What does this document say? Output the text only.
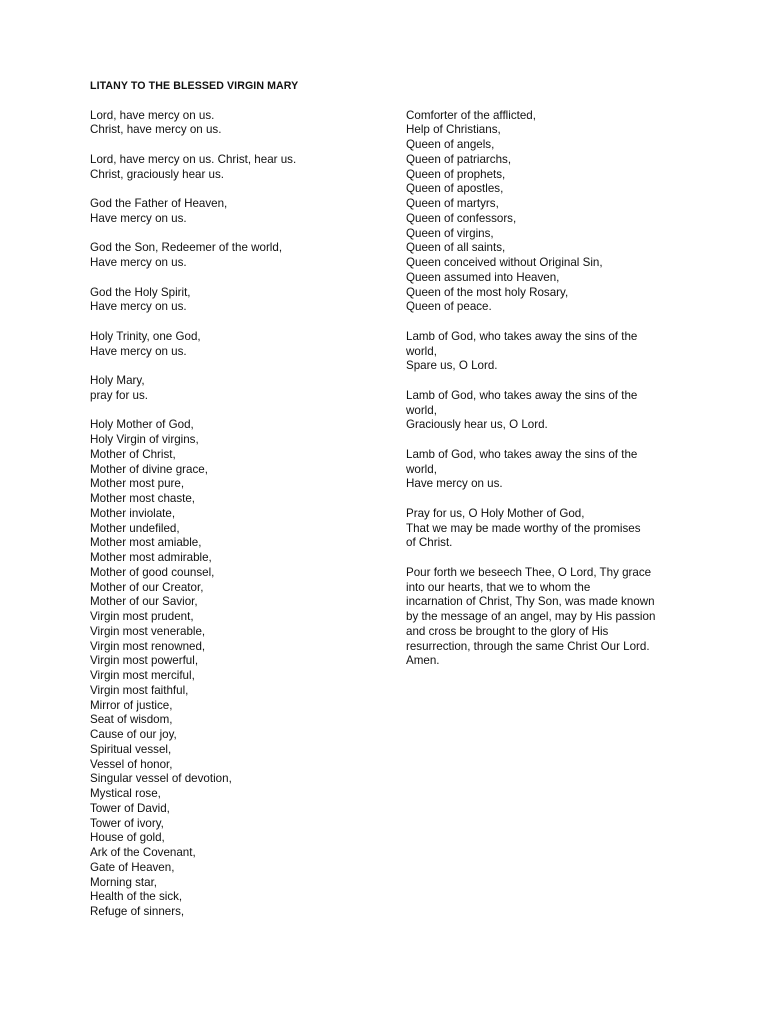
LITANY TO THE BLESSED VIRGIN MARY
Lord, have mercy on us.
Christ, have mercy on us.
Lord, have mercy on us. Christ, hear us.
Christ, graciously hear us.
God the Father of Heaven,
Have mercy on us.
God the Son, Redeemer of the world,
Have mercy on us.
God the Holy Spirit,
Have mercy on us.
Holy Trinity, one God,
Have mercy on us.
Holy Mary,
pray for us.
Holy Mother of God,
Holy Virgin of virgins,
Mother of Christ,
Mother of divine grace,
Mother most pure,
Mother most chaste,
Mother inviolate,
Mother undefiled,
Mother most amiable,
Mother most admirable,
Mother of good counsel,
Mother of our Creator,
Mother of our Savior,
Virgin most prudent,
Virgin most venerable,
Virgin most renowned,
Virgin most powerful,
Virgin most merciful,
Virgin most faithful,
Mirror of justice,
Seat of wisdom,
Cause of our joy,
Spiritual vessel,
Vessel of honor,
Singular vessel of devotion,
Mystical rose,
Tower of David,
Tower of ivory,
House of gold,
Ark of the Covenant,
Gate of Heaven,
Morning star,
Health of the sick,
Refuge of sinners,
Comforter of the afflicted,
Help of Christians,
Queen of angels,
Queen of patriarchs,
Queen of prophets,
Queen of apostles,
Queen of martyrs,
Queen of confessors,
Queen of virgins,
Queen of all saints,
Queen conceived without Original Sin,
Queen assumed into Heaven,
Queen of the most holy Rosary,
Queen of peace.
Lamb of God, who takes away the sins of the
world,
Spare us, O Lord.
Lamb of God, who takes away the sins of the
world,
Graciously hear us, O Lord.
Lamb of God, who takes away the sins of the
world,
Have mercy on us.
Pray for us, O Holy Mother of God,
That we may be made worthy of the promises
of Christ.
Pour forth we beseech Thee, O Lord, Thy grace
into our hearts, that we to whom the
incarnation of Christ, Thy Son, was made known
by the message of an angel, may by His passion
and cross be brought to the glory of His
resurrection, through the same Christ Our Lord.
Amen.
